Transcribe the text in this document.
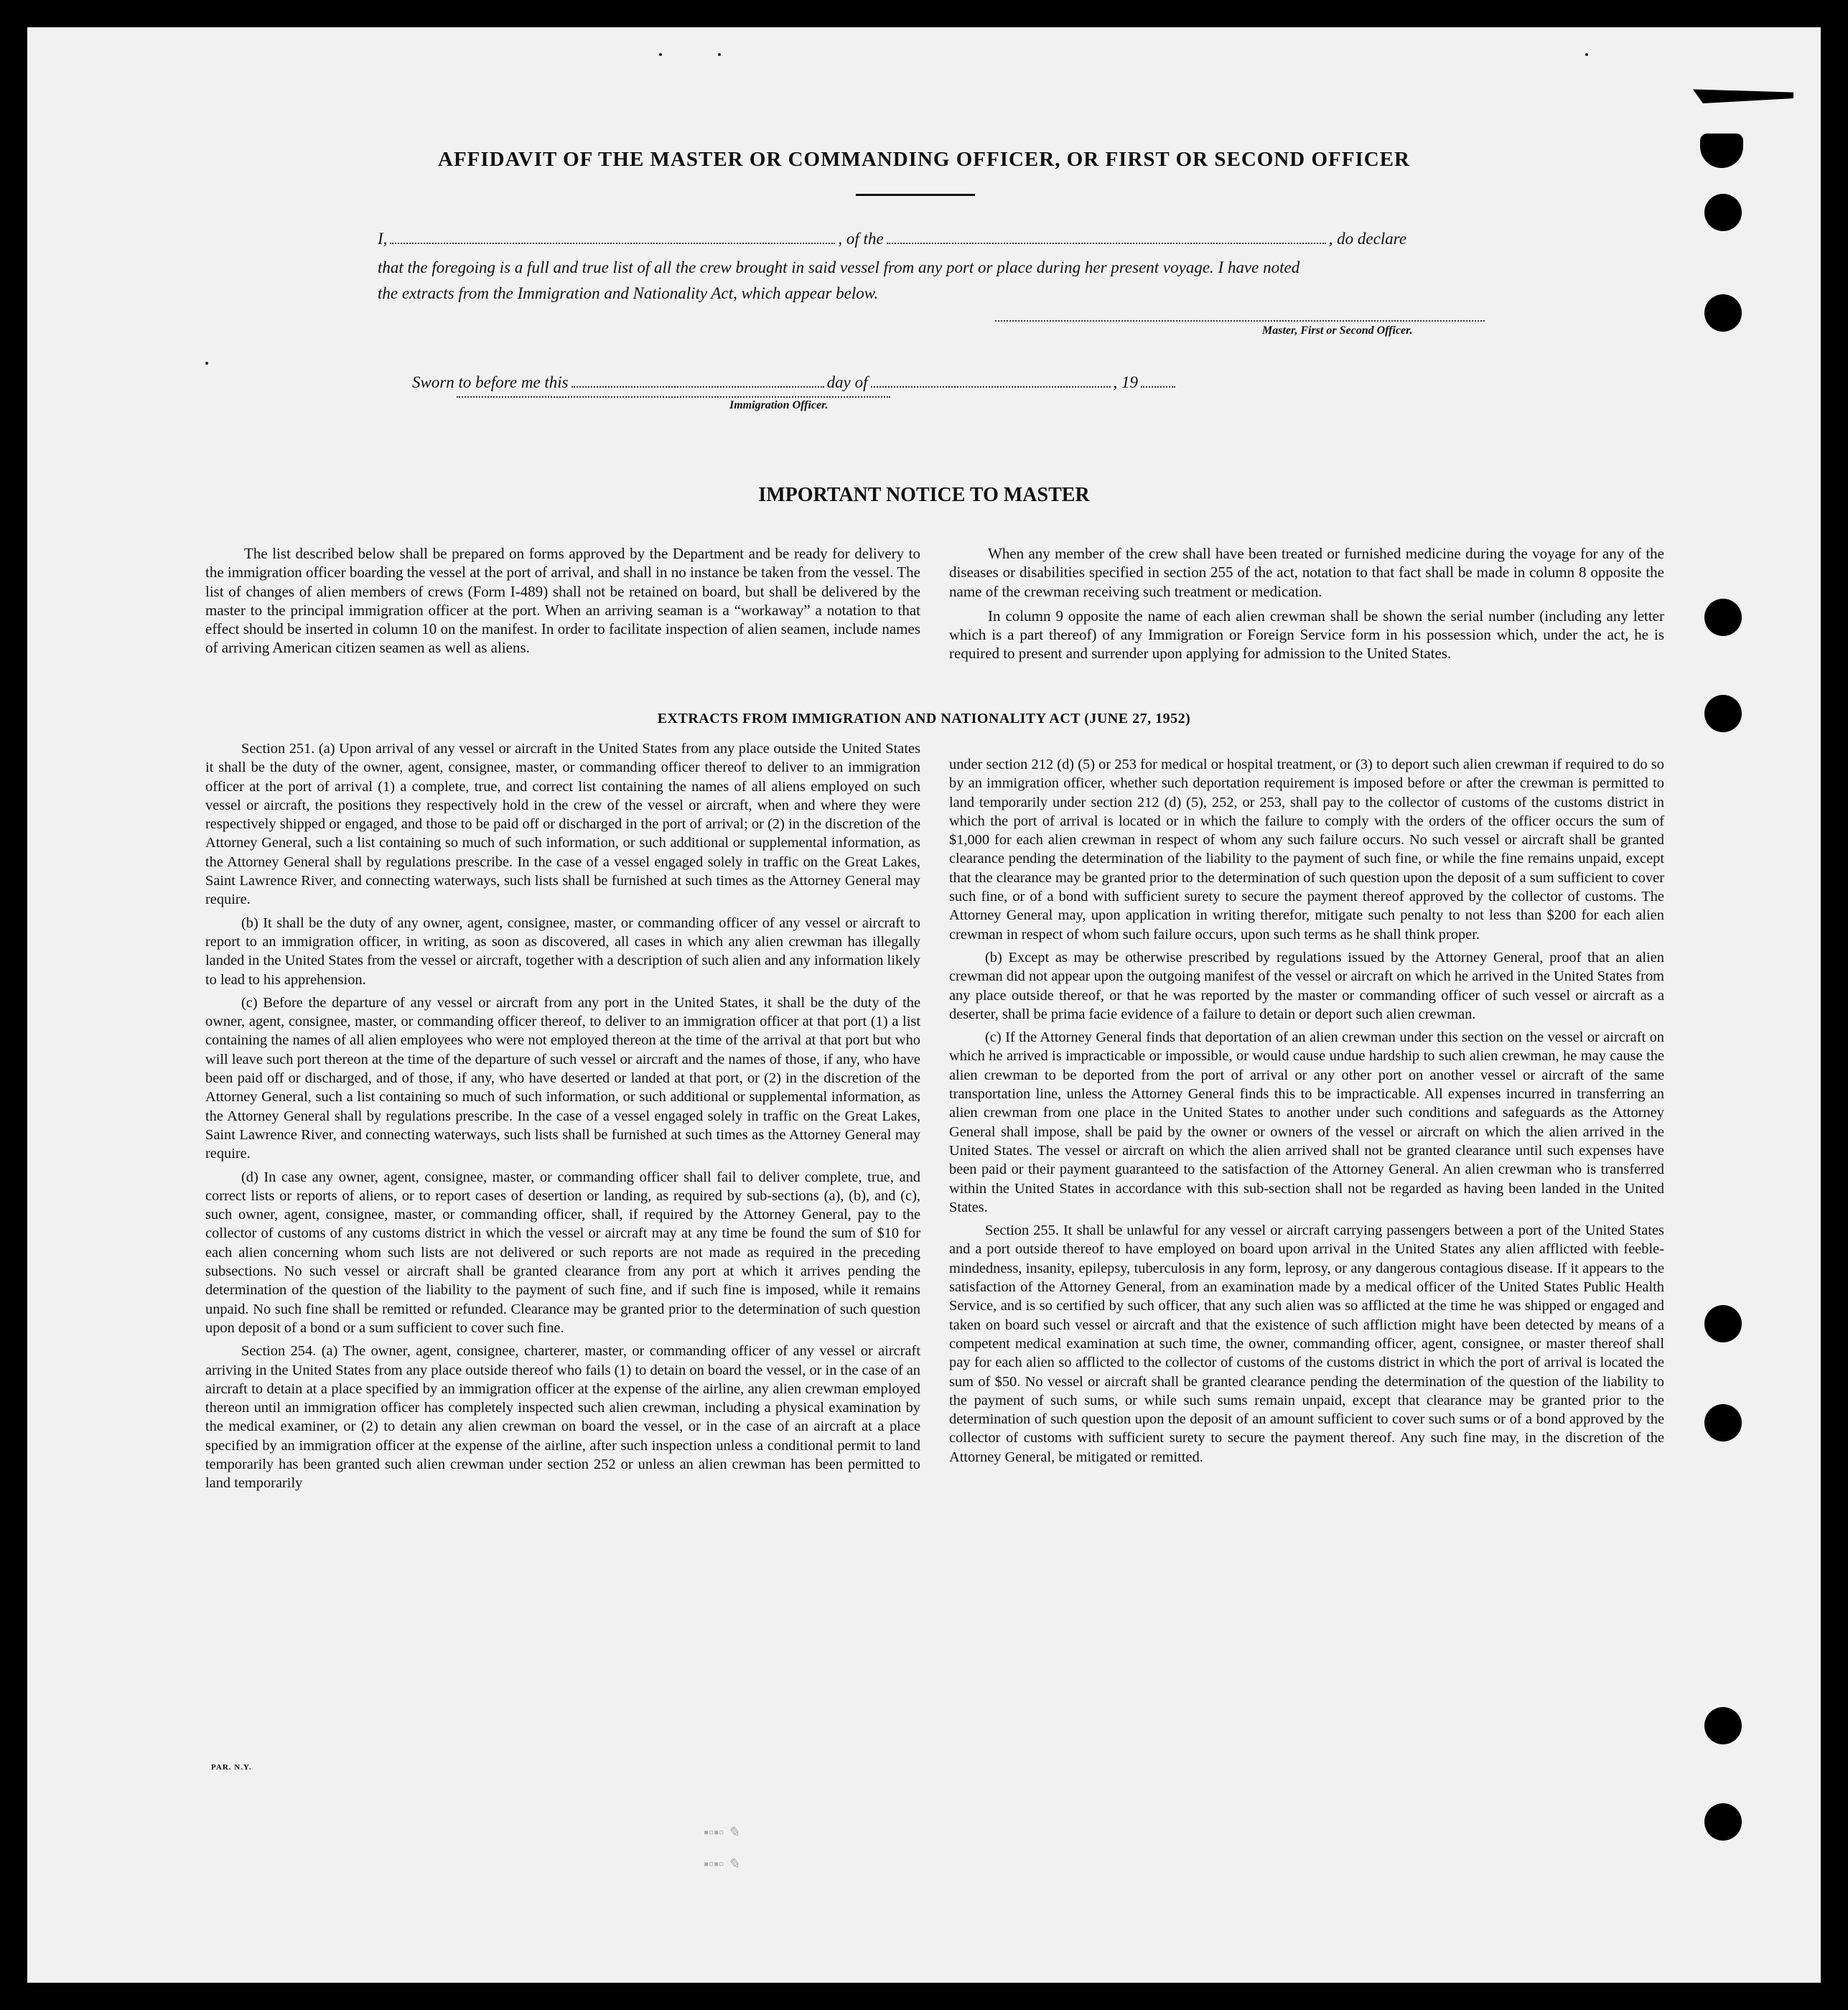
AFFIDAVIT OF THE MASTER OR COMMANDING OFFICER, OR FIRST OR SECOND OFFICER
I,	, of the	, do declare
that the foregoing is a full and true list of all the crew brought in said vessel from any port or place during her present voyage. I have noted
the extracts from the Immigration and Nationality Act, which appear below.
Master, First or Second Officer.
Sworn to before me this	day of	, 19
Immigration Officer.
IMPORTANT NOTICE TO MASTER

The list described below shall be prepared on forms approved by the Department and be ready for delivery to the immigration officer boarding the vessel at the port of arrival, and shall in no instance be taken from the vessel. The list of changes of alien members of crews (Form I-489) shall not be retained on board, but shall be delivered by the master to the principal immigration officer at the port. When an arriving seaman is a “workaway” a notation to that effect should be inserted in column 10 on the manifest. In order to facilitate inspection of alien seamen, include names of arriving American citizen seamen as well as aliens.

When any member of the crew shall have been treated or furnished medicine during the voyage for any of the diseases or disabilities specified in section 255 of the act, notation to that fact shall be made in column 8 opposite the name of the crewman receiving such treatment or medication.

In column 9 opposite the name of each alien crewman shall be shown the serial number (including any letter which is a part thereof) of any Immigration or Foreign Service form in his possession which, under the act, he is required to present and surrender upon applying for admission to the United States.

EXTRACTS FROM IMMIGRATION AND NATIONALITY ACT (JUNE 27, 1952)

Section 251. (a) Upon arrival of any vessel or aircraft in the United States from any place outside the United States it shall be the duty of the owner, agent, consignee, master, or commanding officer thereof to deliver to an immigration officer at the port of arrival (1) a complete, true, and correct list containing the names of all aliens employed on such vessel or aircraft, the positions they respectively hold in the crew of the vessel or aircraft, when and where they were respectively shipped or engaged, and those to be paid off or discharged in the port of arrival; or (2) in the discretion of the Attorney General, such a list containing so much of such information, or such additional or supplemental information, as the Attorney General shall by regulations prescribe. In the case of a vessel engaged solely in traffic on the Great Lakes, Saint Lawrence River, and connecting waterways, such lists shall be furnished at such times as the Attorney General may require.

(b) It shall be the duty of any owner, agent, consignee, master, or commanding officer of any vessel or aircraft to report to an immigration officer, in writing, as soon as discovered, all cases in which any alien crewman has illegally landed in the United States from the vessel or aircraft, together with a description of such alien and any information likely to lead to his apprehension.

(c) Before the departure of any vessel or aircraft from any port in the United States, it shall be the duty of the owner, agent, consignee, master, or commanding officer thereof, to deliver to an immigration officer at that port (1) a list containing the names of all alien employees who were not employed thereon at the time of the arrival at that port but who will leave such port thereon at the time of the departure of such vessel or aircraft and the names of those, if any, who have been paid off or discharged, and of those, if any, who have deserted or landed at that port, or (2) in the discretion of the Attorney General, such a list containing so much of such information, or such additional or supplemental information, as the Attorney General shall by regulations prescribe. In the case of a vessel engaged solely in traffic on the Great Lakes, Saint Lawrence River, and connecting waterways, such lists shall be furnished at such times as the Attorney General may require.

(d) In case any owner, agent, consignee, master, or commanding officer shall fail to deliver complete, true, and correct lists or reports of aliens, or to report cases of desertion or landing, as required by sub-sections (a), (b), and (c), such owner, agent, consignee, master, or commanding officer, shall, if required by the Attorney General, pay to the collector of customs of any customs district in which the vessel or aircraft may at any time be found the sum of $10 for each alien concerning whom such lists are not delivered or such reports are not made as required in the preceding subsections. No such vessel or aircraft shall be granted clearance from any port at which it arrives pending the determination of the question of the liability to the payment of such fine, and if such fine is imposed, while it remains unpaid. No such fine shall be remitted or refunded. Clearance may be granted prior to the determination of such question upon deposit of a bond or a sum sufficient to cover such fine.

Section 254. (a) The owner, agent, consignee, charterer, master, or commanding officer of any vessel or aircraft arriving in the United States from any place outside thereof who fails (1) to detain on board the vessel, or in the case of an aircraft to detain at a place specified by an immigration officer at the expense of the airline, any alien crewman employed thereon until an immigration officer has completely inspected such alien crewman, including a physical examination by the medical examiner, or (2) to detain any alien crewman on board the vessel, or in the case of an aircraft at a place specified by an immigration officer at the expense of the airline, after such inspection unless a conditional permit to land temporarily has been granted such alien crewman under section 252 or unless an alien crewman has been permitted to land temporarily

under section 212 (d) (5) or 253 for medical or hospital treatment, or (3) to deport such alien crewman if required to do so by an immigration officer, whether such deportation requirement is imposed before or after the crewman is permitted to land temporarily under section 212 (d) (5), 252, or 253, shall pay to the collector of customs of the customs district in which the port of arrival is located or in which the failure to comply with the orders of the officer occurs the sum of $1,000 for each alien crewman in respect of whom any such failure occurs. No such vessel or aircraft shall be granted clearance pending the determination of the liability to the payment of such fine, or while the fine remains unpaid, except that the clearance may be granted prior to the determination of such question upon the deposit of a sum sufficient to cover such fine, or of a bond with sufficient surety to secure the payment thereof approved by the collector of customs. The Attorney General may, upon application in writing therefor, mitigate such penalty to not less than $200 for each alien crewman in respect of whom such failure occurs, upon such terms as he shall think proper.

(b) Except as may be otherwise prescribed by regulations issued by the Attorney General, proof that an alien crewman did not appear upon the outgoing manifest of the vessel or aircraft on which he arrived in the United States from any place outside thereof, or that he was reported by the master or commanding officer of such vessel or aircraft as a deserter, shall be prima facie evidence of a failure to detain or deport such alien crewman.

(c) If the Attorney General finds that deportation of an alien crewman under this section on the vessel or aircraft on which he arrived is impracticable or impossible, or would cause undue hardship to such alien crewman, he may cause the alien crewman to be deported from the port of arrival or any other port on another vessel or aircraft of the same transportation line, unless the Attorney General finds this to be impracticable. All expenses incurred in transferring an alien crewman from one place in the United States to another under such conditions and safeguards as the Attorney General shall impose, shall be paid by the owner or owners of the vessel or aircraft on which the alien arrived in the United States. The vessel or aircraft on which the alien arrived shall not be granted clearance until such expenses have been paid or their payment guaranteed to the satisfaction of the Attorney General. An alien crewman who is transferred within the United States in accordance with this sub-section shall not be regarded as having been landed in the United States.

Section 255. It shall be unlawful for any vessel or aircraft carrying passengers between a port of the United States and a port outside thereof to have employed on board upon arrival in the United States any alien afflicted with feeble-mindedness, insanity, epilepsy, tuberculosis in any form, leprosy, or any dangerous contagious disease. If it appears to the satisfaction of the Attorney General, from an examination made by a medical officer of the United States Public Health Service, and is so certified by such officer, that any such alien was so afflicted at the time he was shipped or engaged and taken on board such vessel or aircraft and that the existence of such affliction might have been detected by means of a competent medical examination at such time, the owner, commanding officer, agent, consignee, or master thereof shall pay for each alien so afflicted to the collector of customs of the customs district in which the port of arrival is located the sum of $50. No vessel or aircraft shall be granted clearance pending the determination of the question of the liability to the payment of such sums, or while such sums remain unpaid, except that clearance may be granted prior to the determination of such question upon the deposit of an amount sufficient to cover such sums or of a bond approved by the collector of customs with sufficient surety to secure the payment thereof. Any such fine may, in the discretion of the Attorney General, be mitigated or remitted.

PAR. N.Y.
▪▫▪▫ ✎
▪▫▪▫ ✎
